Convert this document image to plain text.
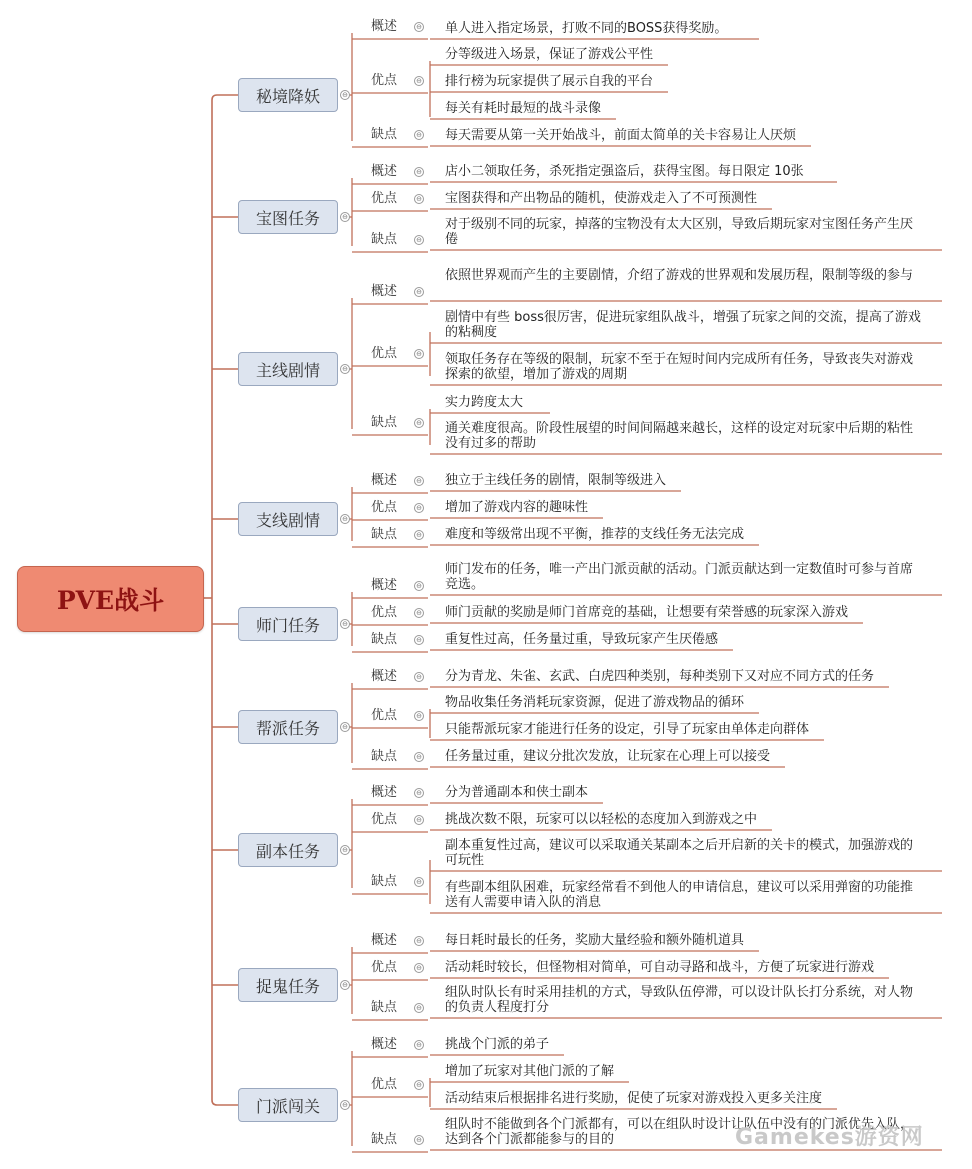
PVE战斗
秘境降妖	⊖
概述	⊖ 单人进入指定场景，打败不同的BOSS获得奖励。
优点	⊖
分等级进入场景，保证了游戏公平性
排行榜为玩家提供了展示自我的平台
每关有耗时最短的战斗录像
缺点	⊖ 每天需要从第一关开始战斗，前面太简单的关卡容易让人厌烦
宝图任务	⊖
概述	⊖ 店小二领取任务，杀死指定强盗后，获得宝图。每日限定 10张
优点	⊖ 宝图获得和产出物品的随机，使游戏走入了不可预测性
缺点	⊖
对于级别不同的玩家，掉落的宝物没有太大区别，导致后期玩家对宝图任务产生厌倦
主线剧情	⊖
概述	⊖
依照世界观而产生的主要剧情，介绍了游戏的世界观和发展历程，限制等级的参与
优点	⊖
剧情中有些 boss很厉害，促进玩家组队战斗，增强了玩家之间的交流，提高了游戏的粘稠度
领取任务存在等级的限制，玩家不至于在短时间内完成所有任务，导致丧失对游戏探索的欲望，增加了游戏的周期
缺点	⊖
实力跨度太大
通关难度很高。阶段性展望的时间间隔越来越长，这样的设定对玩家中后期的粘性没有过多的帮助
支线剧情	⊖
概述	⊖ 独立于主线任务的剧情，限制等级进入
优点	⊖ 增加了游戏内容的趣味性
缺点	⊖ 难度和等级常出现不平衡，推荐的支线任务无法完成
师门任务	⊖
概述	⊖
师门发布的任务，唯一产出门派贡献的活动。门派贡献达到一定数值时可参与首席竞选。
优点	⊖ 师门贡献的奖励是师门首席竞的基础，让想要有荣誉感的玩家深入游戏
缺点	⊖ 重复性过高，任务量过重，导致玩家产生厌倦感
帮派任务	⊖
概述	⊖ 分为青龙、朱雀、玄武、白虎四种类别，每种类别下又对应不同方式的任务
优点	⊖
物品收集任务消耗玩家资源，促进了游戏物品的循环
只能帮派玩家才能进行任务的设定，引导了玩家由单体走向群体
缺点	⊖ 任务量过重，建议分批次发放，让玩家在心理上可以接受
副本任务	⊖
概述	⊖ 分为普通副本和侠士副本
优点	⊖ 挑战次数不限，玩家可以以轻松的态度加入到游戏之中
缺点	⊖
副本重复性过高，建议可以采取通关某副本之后开启新的关卡的模式，加强游戏的可玩性
有些副本组队困难，玩家经常看不到他人的申请信息，建议可以采用弹窗的功能推送有人需要申请入队的消息
捉鬼任务	⊖
概述	⊖ 每日耗时最长的任务，奖励大量经验和额外随机道具
优点	⊖ 活动耗时较长，但怪物相对简单，可自动寻路和战斗，方便了玩家进行游戏
缺点	⊖
组队时队长有时采用挂机的方式，导致队伍停滞，可以设计队长打分系统，对人物的负责人程度打分
门派闯关	⊖
概述	⊖ 挑战个门派的弟子
优点	⊖
增加了玩家对其他门派的了解
活动结束后根据排名进行奖励，促使了玩家对游戏投入更多关注度
缺点	⊖
组队时不能做到各个门派都有，可以在组队时设计让队伍中没有的门派优先入队，达到各个门派都能参与的目的	Gamekes游资网
